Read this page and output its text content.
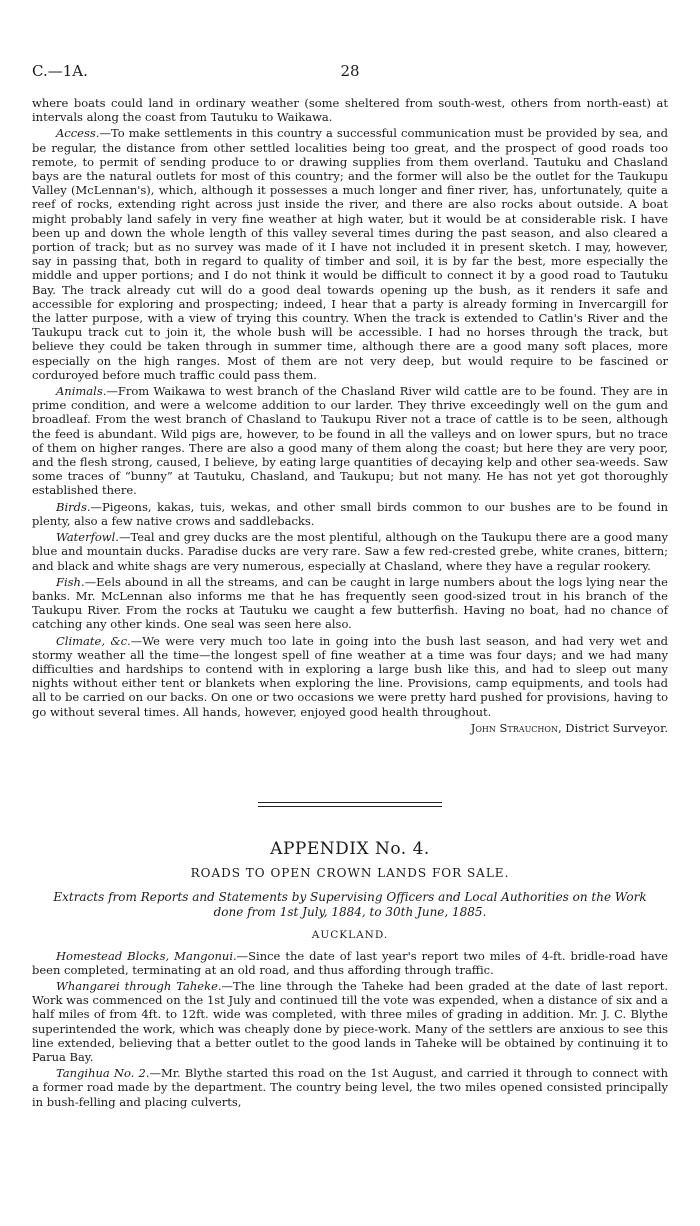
C.—1A.	28

where boats could land in ordinary weather (some sheltered from south-west, others from north-east) at intervals along the coast from Tautuku to Waikawa.

Access.—To make settlements in this country a successful communication must be provided by sea, and be regular, the distance from other settled localities being too great, and the prospect of good roads too remote, to permit of sending produce to or drawing supplies from them overland. Tautuku and Chasland bays are the natural outlets for most of this country; and the former will also be the outlet for the Taukupu Valley (McLennan's), which, although it possesses a much longer and finer river, has, unfortunately, quite a reef of rocks, extending right across just inside the river, and there are also rocks about outside. A boat might probably land safely in very fine weather at high water, but it would be at considerable risk. I have been up and down the whole length of this valley several times during the past season, and also cleared a portion of track; but as no survey was made of it I have not included it in present sketch. I may, however, say in passing that, both in regard to quality of timber and soil, it is by far the best, more especially the middle and upper portions; and I do not think it would be difficult to connect it by a good road to Tautuku Bay. The track already cut will do a good deal towards opening up the bush, as it renders it safe and accessible for exploring and prospecting; indeed, I hear that a party is already forming in Invercargill for the latter purpose, with a view of trying this country. When the track is extended to Catlin's River and the Taukupu track cut to join it, the whole bush will be accessible. I had no horses through the track, but believe they could be taken through in summer time, although there are a good many soft places, more especially on the high ranges. Most of them are not very deep, but would require to be fascined or corduroyed before much traffic could pass them.

Animals.—From Waikawa to west branch of the Chasland River wild cattle are to be found. They are in prime condition, and were a welcome addition to our larder. They thrive exceedingly well on the gum and broadleaf. From the west branch of Chasland to Taukupu River not a trace of cattle is to be seen, although the feed is abundant. Wild pigs are, however, to be found in all the valleys and on lower spurs, but no trace of them on higher ranges. There are also a good many of them along the coast; but here they are very poor, and the flesh strong, caused, I believe, by eating large quantities of decaying kelp and other sea-weeds. Saw some traces of “bunny” at Tautuku, Chasland, and Taukupu; but not many. He has not yet got thoroughly established there.

Birds.—Pigeons, kakas, tuis, wekas, and other small birds common to our bushes are to be found in plenty, also a few native crows and saddlebacks.

Waterfowl.—Teal and grey ducks are the most plentiful, although on the Taukupu there are a good many blue and mountain ducks. Paradise ducks are very rare. Saw a few red-crested grebe, white cranes, bittern; and black and white shags are very numerous, especially at Chasland, where they have a regular rookery.

Fish.—Eels abound in all the streams, and can be caught in large numbers about the logs lying near the banks. Mr. McLennan also informs me that he has frequently seen good-sized trout in his branch of the Taukupu River. From the rocks at Tautuku we caught a few butterfish. Having no boat, had no chance of catching any other kinds. One seal was seen here also.

Climate, &c.—We were very much too late in going into the bush last season, and had very wet and stormy weather all the time—the longest spell of fine weather at a time was four days; and we had many difficulties and hardships to contend with in exploring a large bush like this, and had to sleep out many nights without either tent or blankets when exploring the line. Provisions, camp equipments, and tools had all to be carried on our backs. On one or two occasions we were pretty hard pushed for provisions, having to go without several times. All hands, however, enjoyed good health throughout.

John Strauchon, District Surveyor.

APPENDIX No. 4.
ROADS TO OPEN CROWN LANDS FOR SALE.
Extracts from Reports and Statements by Supervising Officers and Local Authorities on the Work done from 1st July, 1884, to 30th June, 1885.
AUCKLAND.

Homestead Blocks, Mangonui.—Since the date of last year's report two miles of 4-ft. bridle-road have been completed, terminating at an old road, and thus affording through traffic.

Whangarei through Taheke.—The line through the Taheke had been graded at the date of last report. Work was commenced on the 1st July and continued till the vote was expended, when a distance of six and a half miles of from 4ft. to 12ft. wide was completed, with three miles of grading in addition. Mr. J. C. Blythe superintended the work, which was cheaply done by piece-work. Many of the settlers are anxious to see this line extended, believing that a better outlet to the good lands in Taheke will be obtained by continuing it to Parua Bay.

Tangihua No. 2.—Mr. Blythe started this road on the 1st August, and carried it through to connect with a former road made by the department. The country being level, the two miles opened consisted principally in bush-felling and placing culverts,
